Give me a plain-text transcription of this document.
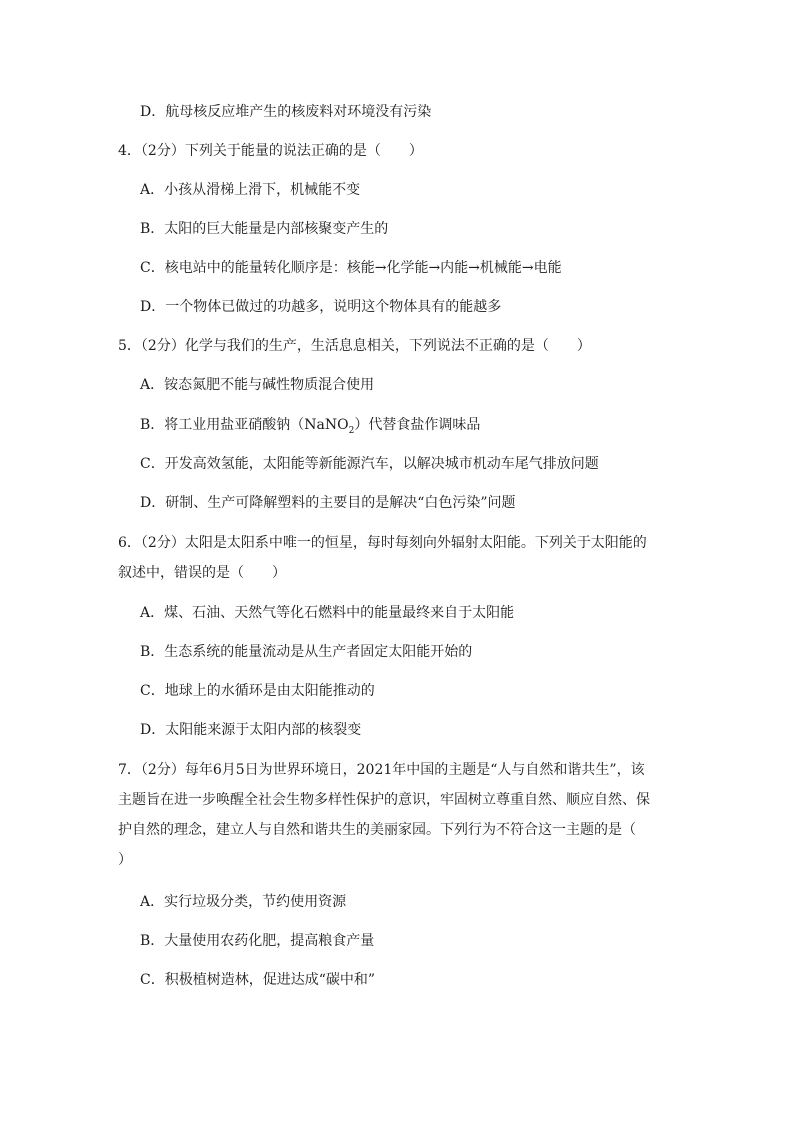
D．航母核反应堆产生的核废料对环境没有污染
4．（2分）下列关于能量的说法正确的是（　　）
A．小孩从滑梯上滑下，机械能不变
B．太阳的巨大能量是内部核聚变产生的
C．核电站中的能量转化顺序是：核能→化学能→内能→机械能→电能
D．一个物体已做过的功越多，说明这个物体具有的能越多
5．（2分）化学与我们的生产，生活息息相关，下列说法不正确的是（　　）
A．铵态氮肥不能与碱性物质混合使用
B．将工业用盐亚硝酸钠（NaNO$_2$）代替食盐作调味品
C．开发高效氢能，太阳能等新能源汽车，以解决城市机动车尾气排放问题
D．研制、生产可降解塑料的主要目的是解决“白色污染”问题
6．（2分）太阳是太阳系中唯一的恒星，每时每刻向外辐射太阳能。下列关于太阳能的
叙述中，错误的是（　　）
A．煤、石油、天然气等化石燃料中的能量最终来自于太阳能
B．生态系统的能量流动是从生产者固定太阳能开始的
C．地球上的水循环是由太阳能推动的
D．太阳能来源于太阳内部的核裂变
7．（2分）每年6月5日为世界环境日，2021年中国的主题是“人与自然和谐共生”，该
主题旨在进一步唤醒全社会生物多样性保护的意识，牢固树立尊重自然、顺应自然、保
护自然的理念，建立人与自然和谐共生的美丽家园。下列行为不符合这一主题的是（
）
A．实行垃圾分类，节约使用资源
B．大量使用农药化肥，提高粮食产量
C．积极植树造林，促进达成“碳中和”
